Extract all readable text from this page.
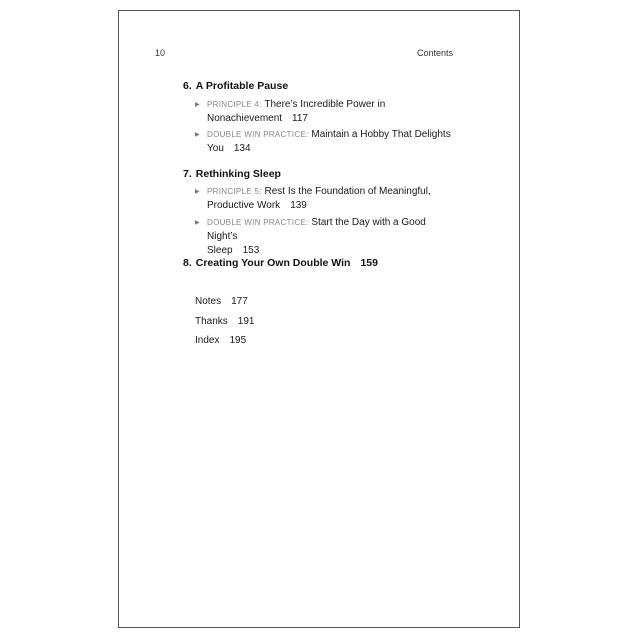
10	Contents
6. A Profitable Pause
▶ PRINCIPLE 4: There’s Incredible Power in
Nonachievement 117
▶ DOUBLE WIN PRACTICE: Maintain a Hobby That Delights
You 134
7. Rethinking Sleep
▶ PRINCIPLE 5: Rest Is the Foundation of Meaningful,
Productive Work 139
▶ DOUBLE WIN PRACTICE: Start the Day with a Good Night’s
Sleep 153
8. Creating Your Own Double Win 159
Notes 177
Thanks 191
Index 195
